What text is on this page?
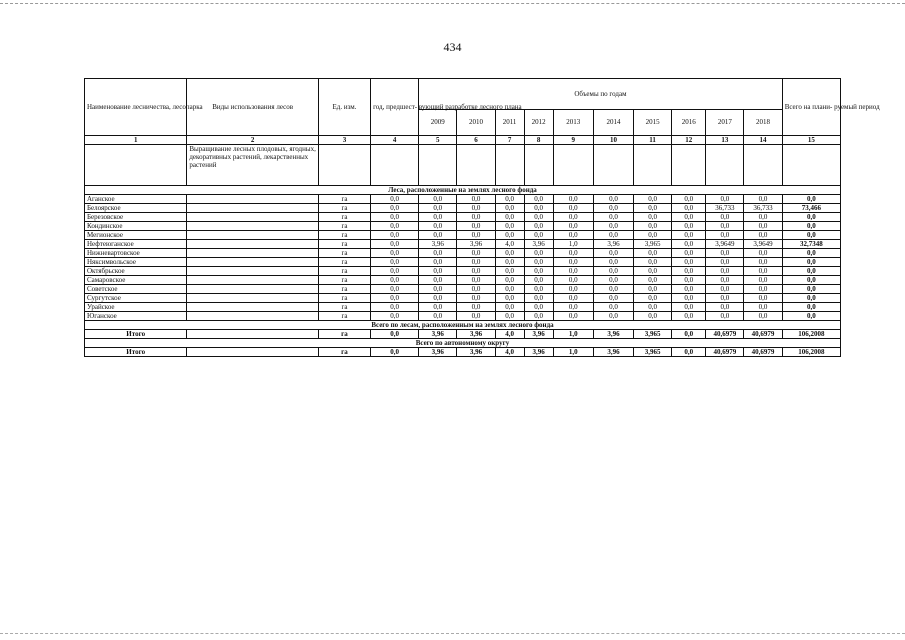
434
Наименование лесничества, лесопарка	Виды использования лесов	Ед. изм.	год, предшест- вующий разработке лесного плана	Объемы по годам										Всего на плани- руемый период
				2009	2010	2011	2012	2013	2014	2015	2016	2017	2018	
1	2	3	4	5	6	7	8	9	10	11	12	13	14	15
	Выращивание лесных плодовых, ягодных, декоративных растений, лекарственных растений													
Леса, расположенные на землях лесного фонда														
Аганское		га	0,0	0,0	0,0	0,0	0,0	0,0	0,0	0,0	0,0	0,0	0,0	0,0
Белоярское		га	0,0	0,0	0,0	0,0	0,0	0,0	0,0	0,0	0,0	36,733	36,733	73,466
Березовское		га	0,0	0,0	0,0	0,0	0,0	0,0	0,0	0,0	0,0	0,0	0,0	0,0
Кондинское		га	0,0	0,0	0,0	0,0	0,0	0,0	0,0	0,0	0,0	0,0	0,0	0,0
Мегионское		га	0,0	0,0	0,0	0,0	0,0	0,0	0,0	0,0	0,0	0,0	0,0	0,0
Нефтеюганское		га	0,0	3,96	3,96	4,0	3,96	1,0	3,96	3,965	0,0	3,9649	3,9649	32,7348
Нижневартовское		га	0,0	0,0	0,0	0,0	0,0	0,0	0,0	0,0	0,0	0,0	0,0	0,0
Няксимвольское		га	0,0	0,0	0,0	0,0	0,0	0,0	0,0	0,0	0,0	0,0	0,0	0,0
Октябрьское		га	0,0	0,0	0,0	0,0	0,0	0,0	0,0	0,0	0,0	0,0	0,0	0,0
Самаровское		га	0,0	0,0	0,0	0,0	0,0	0,0	0,0	0,0	0,0	0,0	0,0	0,0
Советское		га	0,0	0,0	0,0	0,0	0,0	0,0	0,0	0,0	0,0	0,0	0,0	0,0
Сургутское		га	0,0	0,0	0,0	0,0	0,0	0,0	0,0	0,0	0,0	0,0	0,0	0,0
Урайское		га	0,0	0,0	0,0	0,0	0,0	0,0	0,0	0,0	0,0	0,0	0,0	0,0
Юганское		га	0,0	0,0	0,0	0,0	0,0	0,0	0,0	0,0	0,0	0,0	0,0	0,0
Всего по лесам, расположенным на землях лесного фонда														
Итого		га	0,0	3,96	3,96	4,0	3,96	1,0	3,96	3,965	0,0	40,6979	40,6979	106,2008
Всего по автономному округу														
Итого		га	0,0	3,96	3,96	4,0	3,96	1,0	3,96	3,965	0,0	40,6979	40,6979	106,2008
